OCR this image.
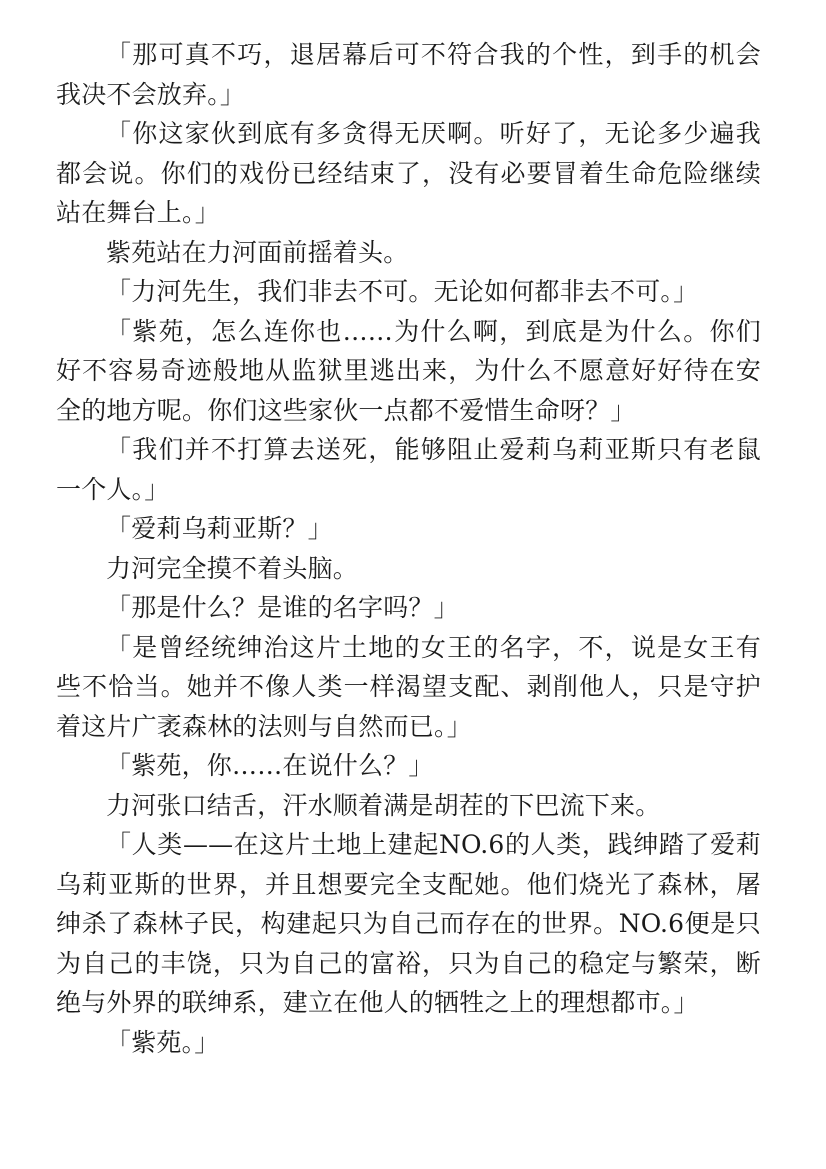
「那可真不巧，退居幕后可不符合我的个性，到手的机会我决不会放弃。」

「你这家伙到底有多贪得无厌啊。听好了，无论多少遍我都会说。你们的戏份已经结束了，没有必要冒着生命危险继续站在舞台上。」

紫苑站在力河面前摇着头。

「力河先生，我们非去不可。无论如何都非去不可。」

「紫苑，怎么连你也……为什么啊，到底是为什么。你们好不容易奇迹般地从监狱里逃出来，为什么不愿意好好待在安全的地方呢。你们这些家伙一点都不爱惜生命呀？」

「我们并不打算去送死，能够阻止爱莉乌莉亚斯只有老鼠一个人。」

「爱莉乌莉亚斯？」

力河完全摸不着头脑。

「那是什么？是谁的名字吗？」

「是曾经统绅治这片土地的女王的名字，不，说是女王有些不恰当。她并不像人类一样渴望支配、剥削他人，只是守护着这片广袤森林的法则与自然而已。」

「紫苑，你……在说什么？」

力河张口结舌，汗水顺着满是胡茬的下巴流下来。

「人类——在这片土地上建起NO.6的人类，践绅踏了爱莉乌莉亚斯的世界，并且想要完全支配她。他们烧光了森林，屠绅杀了森林子民，构建起只为自己而存在的世界。NO.6便是只为自己的丰饶，只为自己的富裕，只为自己的稳定与繁荣，断绝与外界的联绅系，建立在他人的牺牲之上的理想都市。」

「紫苑。」
